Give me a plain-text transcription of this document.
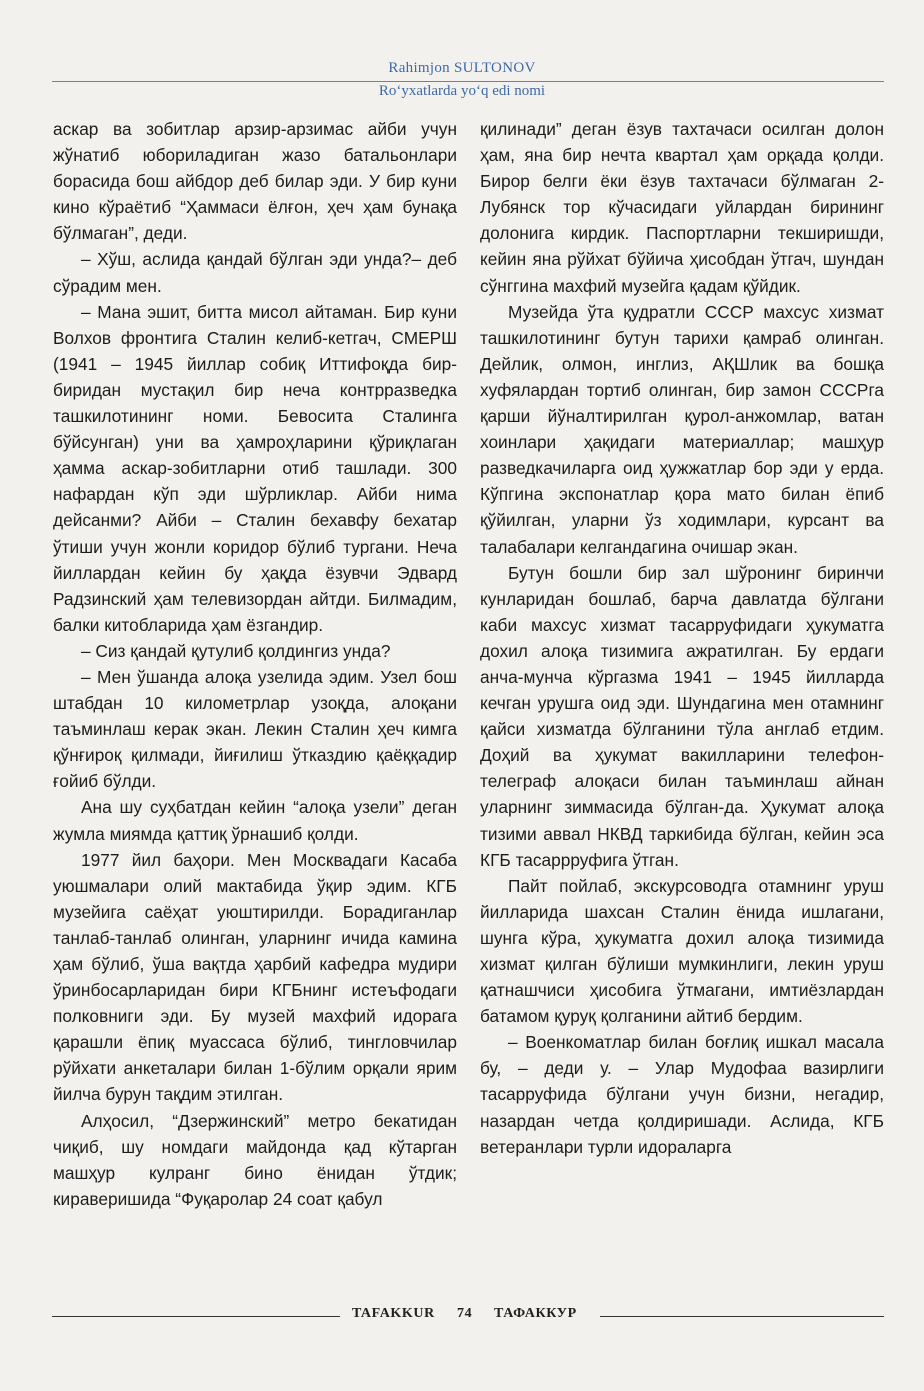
Rahimjon SULTONOV
Ro‘yxatlarda yo‘q edi nomi

аскар ва зобитлар арзир-арзимас айби учун жўнатиб юбориладиган жазо батальонлари борасида бош айбдор деб билар эди. У бир куни кино кўраётиб “Ҳаммаси ёлғон, ҳеч ҳам бунақа бўлмаган”, деди.

– Хўш, аслида қандай бўлган эди унда?– деб сўрадим мен.

– Мана эшит, битта мисол айтаман. Бир куни Волхов фронтига Сталин келиб-кетгач, СМЕРШ (1941 – 1945 йиллар собиқ Иттифоқда бир-биридан мустақил бир неча контрразведка ташкилотининг номи. Бевосита Сталинга бўйсунган) уни ва ҳамроҳларини қўриқлаган ҳамма аскар-зобитларни отиб ташлади. 300 нафардан кўп эди шўрликлар. Айби нима дейсанми? Айби – Сталин бехавфу бехатар ўтиши учун жонли коридор бўлиб тургани. Неча йиллардан кейин бу ҳақда ёзувчи Эдвард Радзинский ҳам телевизордан айтди. Билмадим, балки китобларида ҳам ёзгандир.

– Сиз қандай қутулиб қолдингиз унда?

– Мен ўшанда алоқа узелида эдим. Узел бош штабдан 10 километрлар узоқда, алоқани таъминлаш керак экан. Лекин Сталин ҳеч кимга қўнғироқ қилмади, йиғилиш ўтказдию қаёққадир ғойиб бўлди.

Ана шу суҳбатдан кейин “алоқа узели” деган жумла миямда қаттиқ ўрнашиб қолди.

1977 йил баҳори. Мен Москвадаги Касаба уюшмалари олий мактабида ўқир эдим. КГБ музейига саёҳат уюштирилди. Борадиганлар танлаб-танлаб олинган, уларнинг ичида камина ҳам бўлиб, ўша вақтда ҳарбий кафедра мудири ўринбосарларидан бири КГБнинг истеъфодаги полковниги эди. Бу музей махфий идорага қарашли ёпиқ муассаса бўлиб, тингловчилар рўйхати анкеталари билан 1-бўлим орқали ярим йилча бурун тақдим этилган.

Алҳосил, “Дзержинский” метро бекатидан чиқиб, шу номдаги майдонда қад кўтарган машҳур кулранг бино ёнидан ўтдик; кираверишида “Фуқаролар 24 соат қабул

қилинади” деган ёзув тахтачаси осилган долон ҳам, яна бир нечта квартал ҳам орқада қолди. Бирор белги ёки ёзув тахтачаси бўлмаган 2-Лубянск тор кўчасидаги уйлардан бирининг долонига кирдик. Паспортларни текширишди, кейин яна рўйхат бўйича ҳисобдан ўтгач, шундан сўнггина махфий музейга қадам қўйдик.

Музейда ўта қудратли СССР махсус хизмат ташкилотининг бутун тарихи қамраб олинган. Дейлик, олмон, инглиз, АҚШлик ва бошқа хуфялардан тортиб олинган, бир замон СССРга қарши йўналтирилган қурол-анжомлар, ватан хоинлари ҳақидаги материаллар; машҳур разведкачиларга оид ҳужжатлар бор эди у ерда. Кўпгина экспонатлар қора мато билан ёпиб қўйилган, уларни ўз ходимлари, курсант ва талабалари келгандагина очишар экан.

Бутун бошли бир зал шўронинг биринчи кунларидан бошлаб, барча давлатда бўлгани каби махсус хизмат тасарруфидаги ҳукуматга дохил алоқа тизимига ажратилган. Бу ердаги анча-мунча кўргазма 1941 – 1945 йилларда кечган урушга оид эди. Шундагина мен отамнинг қайси хизматда бўлганини тўла англаб етдим. Доҳий ва ҳукумат вакилларини телефон-телеграф алоқаси билан таъминлаш айнан уларнинг зиммасида бўлган-да. Ҳукумат алоқа тизими аввал НКВД таркибида бўлган, кейин эса КГБ тасаррруфига ўтган.

Пайт пойлаб, экскурсоводга отамнинг уруш йилларида шахсан Сталин ёнида ишлагани, шунга кўра, ҳукуматга дохил алоқа тизимида хизмат қилган бўлиши мумкинлиги, лекин уруш қатнашчиси ҳисобига ўтмагани, имтиёзлардан батамом қуруқ қолганини айтиб бердим.

– Военкоматлар билан боғлиқ ишкал масала бу, – деди у. – Улар Мудофаа вазирлиги тасарруфида бўлгани учун бизни, негадир, назардан четда қолдиришади. Аслида, КГБ ветеранлари турли идораларга

TAFAKKUR 74 ТАФАККУР
